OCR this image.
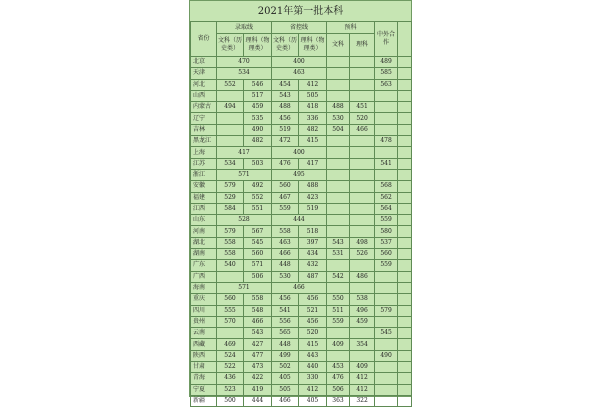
2021年第一批本科
省份	录取线		省控线		预科		中外合作	
	文科（历史类）	理科（物理类）	文科（历史类）	理科（物理类）	文科	理科		
北京	470		400				489	
天津	534		463				585	
河北	552	546	454	412			563	
山西		517	543	505				
内蒙古	494	459	488	418	488	451		
辽宁		535	456	336	530	520		
吉林		490	519	482	504	466		
黑龙江		482	472	415			478	
上海	417		400					
江苏	534	503	476	417			541	
浙江	571		495					
安徽	579	492	560	488			568	
福建	529	552	467	423			562	
江西	584	551	559	519			564	
山东	528		444				559	
河南	579	567	558	518			580	
湖北	558	545	463	397	543	498	537	
湖南	558	560	466	434	531	526	560	
广东	540	571	448	432			559	
广西		506	530	487	542	486		
海南	571		466					
重庆	560	558	456	456	550	538		
四川	555	548	541	521	511	496	579	
贵州	570	466	556	456	559	459		
云南		543	565	520			545	
西藏	469	427	448	415	409	354		
陕西	524	477	499	443			490	
甘肃	522	473	502	440	453	409		
青海	436	422	405	330	476	412		
宁夏	523	419	505	412	506	412		
新疆	500	444	466	405	363	322		
